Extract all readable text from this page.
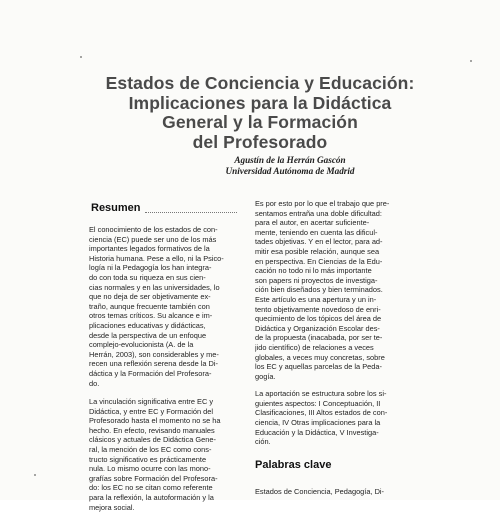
Estados de Conciencia y Educación:
Implicaciones para la Didáctica
General y la Formación
del Profesorado
Agustín de la Herrán Gascón
Universidad Autónoma de Madrid
Resumen
El conocimiento de los estados de con-
ciencia (EC) puede ser uno de los más
importantes legados formativos de la
Historia humana. Pese a ello, ni la Psico-
logía ni la Pedagogía los han integra-
do con toda su riqueza en sus cien-
cias normales y en las universidades, lo
que no deja de ser objetivamente ex-
traño, aunque frecuente también con
otros temas críticos. Su alcance e im-
plicaciones educativas y didácticas,
desde la perspectiva de un enfoque
complejo-evolucionista (A. de la
Herrán, 2003), son considerables y me-
recen una reflexión serena desde la Di-
dáctica y la Formación del Profesora-
do.
La vinculación significativa entre EC y
Didáctica, y entre EC y Formación del
Profesorado hasta el momento no se ha
hecho. En efecto, revisando manuales
clásicos y actuales de Didáctica Gene-
ral, la mención de los EC como cons-
tructo significativo es prácticamente
nula. Lo mismo ocurre con las mono-
grafías sobre Formación del Profesora-
do: los EC no se citan como referente
para la reflexión, la autoformación y la
mejora social.
Es por esto por lo que el trabajo que pre-
sentamos entraña una doble dificultad:
para el autor, en acertar suficiente-
mente, teniendo en cuenta las dificul-
tades objetivas. Y en el lector, para ad-
mitir esa posible relación, aunque sea
en perspectiva. En Ciencias de la Edu-
cación no todo ni lo más importante
son papers ni proyectos de investiga-
ción bien diseñados y bien terminados.
Este artículo es una apertura y un in-
tento objetivamente novedoso de enri-
quecimiento de los tópicos del área de
Didáctica y Organización Escolar des-
de la propuesta (inacabada, por ser te-
jido científico) de relaciones a veces
globales, a veces muy concretas, sobre
los EC y aquellas parcelas de la Peda-
gogía.
La aportación se estructura sobre los si-
guientes aspectos: I Conceptuación, II
Clasificaciones, III Altos estados de con-
ciencia, IV Otras implicaciones para la
Educación y la Didáctica, V Investiga-
ción.
Palabras clave
Estados de Conciencia, Pedagogía, Di-
